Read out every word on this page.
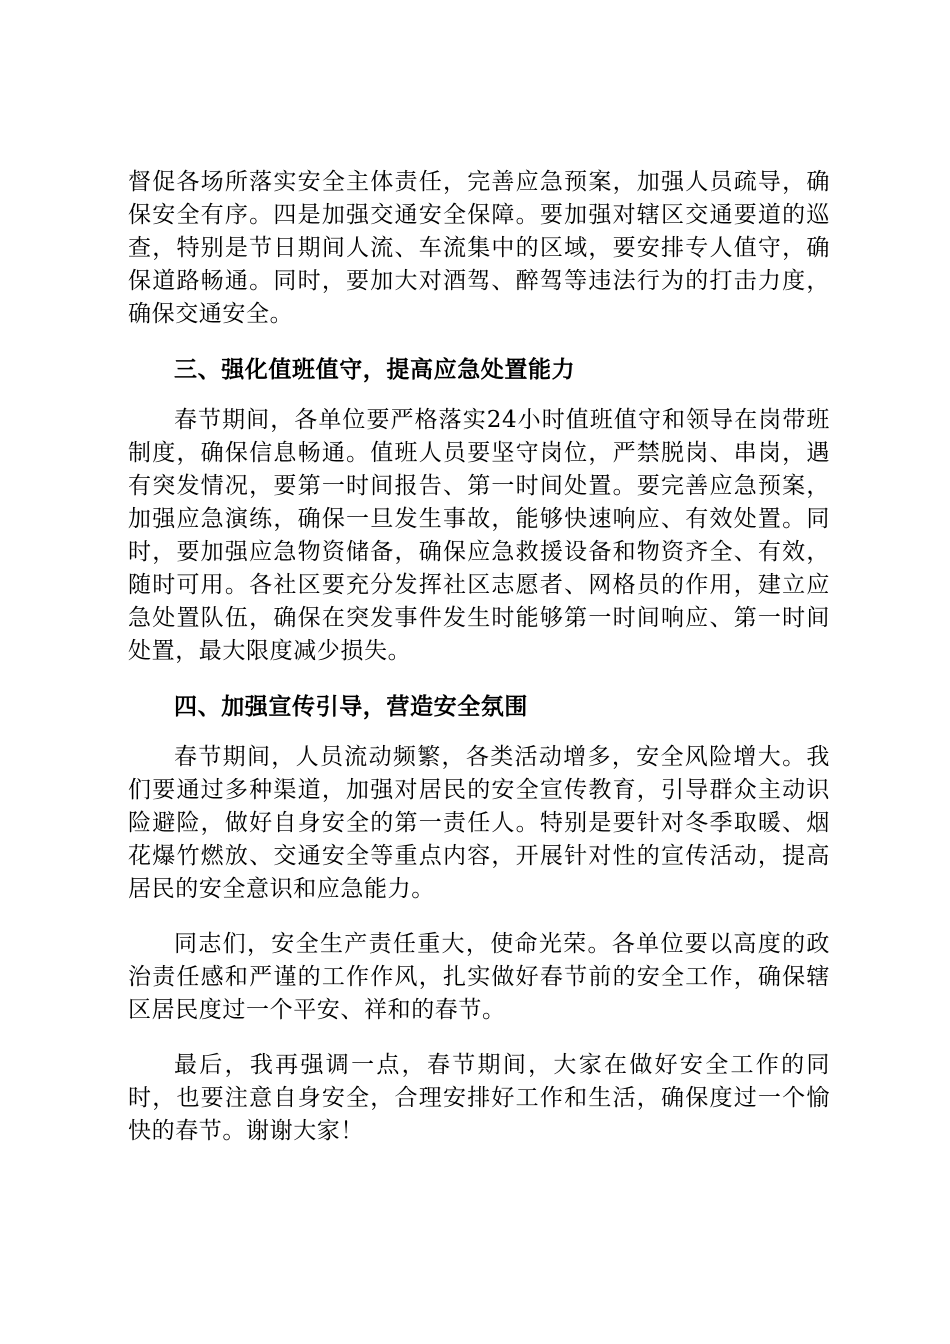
督促各场所落实安全主体责任，完善应急预案，加强人员疏导，确保安全有序。四是加强交通安全保障。要加强对辖区交通要道的巡查，特别是节日期间人流、车流集中的区域，要安排专人值守，确保道路畅通。同时，要加大对酒驾、醉驾等违法行为的打击力度，确保交通安全。

三、强化值班值守，提高应急处置能力

春节期间，各单位要严格落实24小时值班值守和领导在岗带班制度，确保信息畅通。值班人员要坚守岗位，严禁脱岗、串岗，遇有突发情况，要第一时间报告、第一时间处置。要完善应急预案，加强应急演练，确保一旦发生事故，能够快速响应、有效处置。同时，要加强应急物资储备，确保应急救援设备和物资齐全、有效，随时可用。各社区要充分发挥社区志愿者、网格员的作用，建立应急处置队伍，确保在突发事件发生时能够第一时间响应、第一时间处置，最大限度减少损失。

四、加强宣传引导，营造安全氛围

春节期间，人员流动频繁，各类活动增多，安全风险增大。我们要通过多种渠道，加强对居民的安全宣传教育，引导群众主动识险避险，做好自身安全的第一责任人。特别是要针对冬季取暖、烟花爆竹燃放、交通安全等重点内容，开展针对性的宣传活动，提高居民的安全意识和应急能力。

同志们，安全生产责任重大，使命光荣。各单位要以高度的政治责任感和严谨的工作作风，扎实做好春节前的安全工作，确保辖区居民度过一个平安、祥和的春节。

最后，我再强调一点，春节期间，大家在做好安全工作的同时，也要注意自身安全，合理安排好工作和生活，确保度过一个愉快的春节。谢谢大家！
